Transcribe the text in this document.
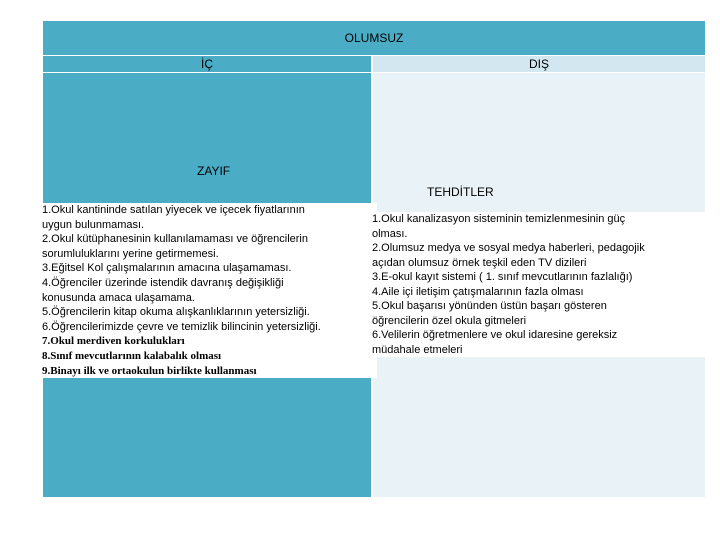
OLUMSUZ
İÇ	DIŞ
ZAYIF
TEHDİTLER
1.Okul kantininde satılan yiyecek ve içecek fiyatlarının
uygun bulunmaması.
2.Okul kütüphanesinin kullanılamaması ve öğrencilerin
sorumluluklarını yerine getirmemesi.
3.Eğitsel Kol çalışmalarının amacına ulaşamaması.
4.Öğrenciler üzerinde istendik davranış değişikliği
konusunda amaca ulaşamama.
5.Öğrencilerin kitap okuma alışkanlıklarının yetersizliği.
6.Öğrencilerimizde çevre ve temizlik bilincinin yetersizliği.
7.Okul merdiven korkulukları
8.Sınıf mevcutlarının kalabalık olması
9.Binayı ilk ve ortaokulun birlikte kullanması
1.Okul kanalizasyon sisteminin temizlenmesinin güç
olması.
2.Olumsuz medya ve sosyal medya haberleri, pedagojik
açıdan olumsuz örnek teşkil eden TV dizileri
3.E-okul kayıt sistemi ( 1. sınıf mevcutlarının fazlalığı)
4.Aile içi iletişim çatışmalarının fazla olması
5.Okul başarısı yönünden üstün başarı gösteren
öğrencilerin özel okula gitmeleri
6.Velilerin öğretmenlere ve okul idaresine gereksiz
müdahale etmeleri
